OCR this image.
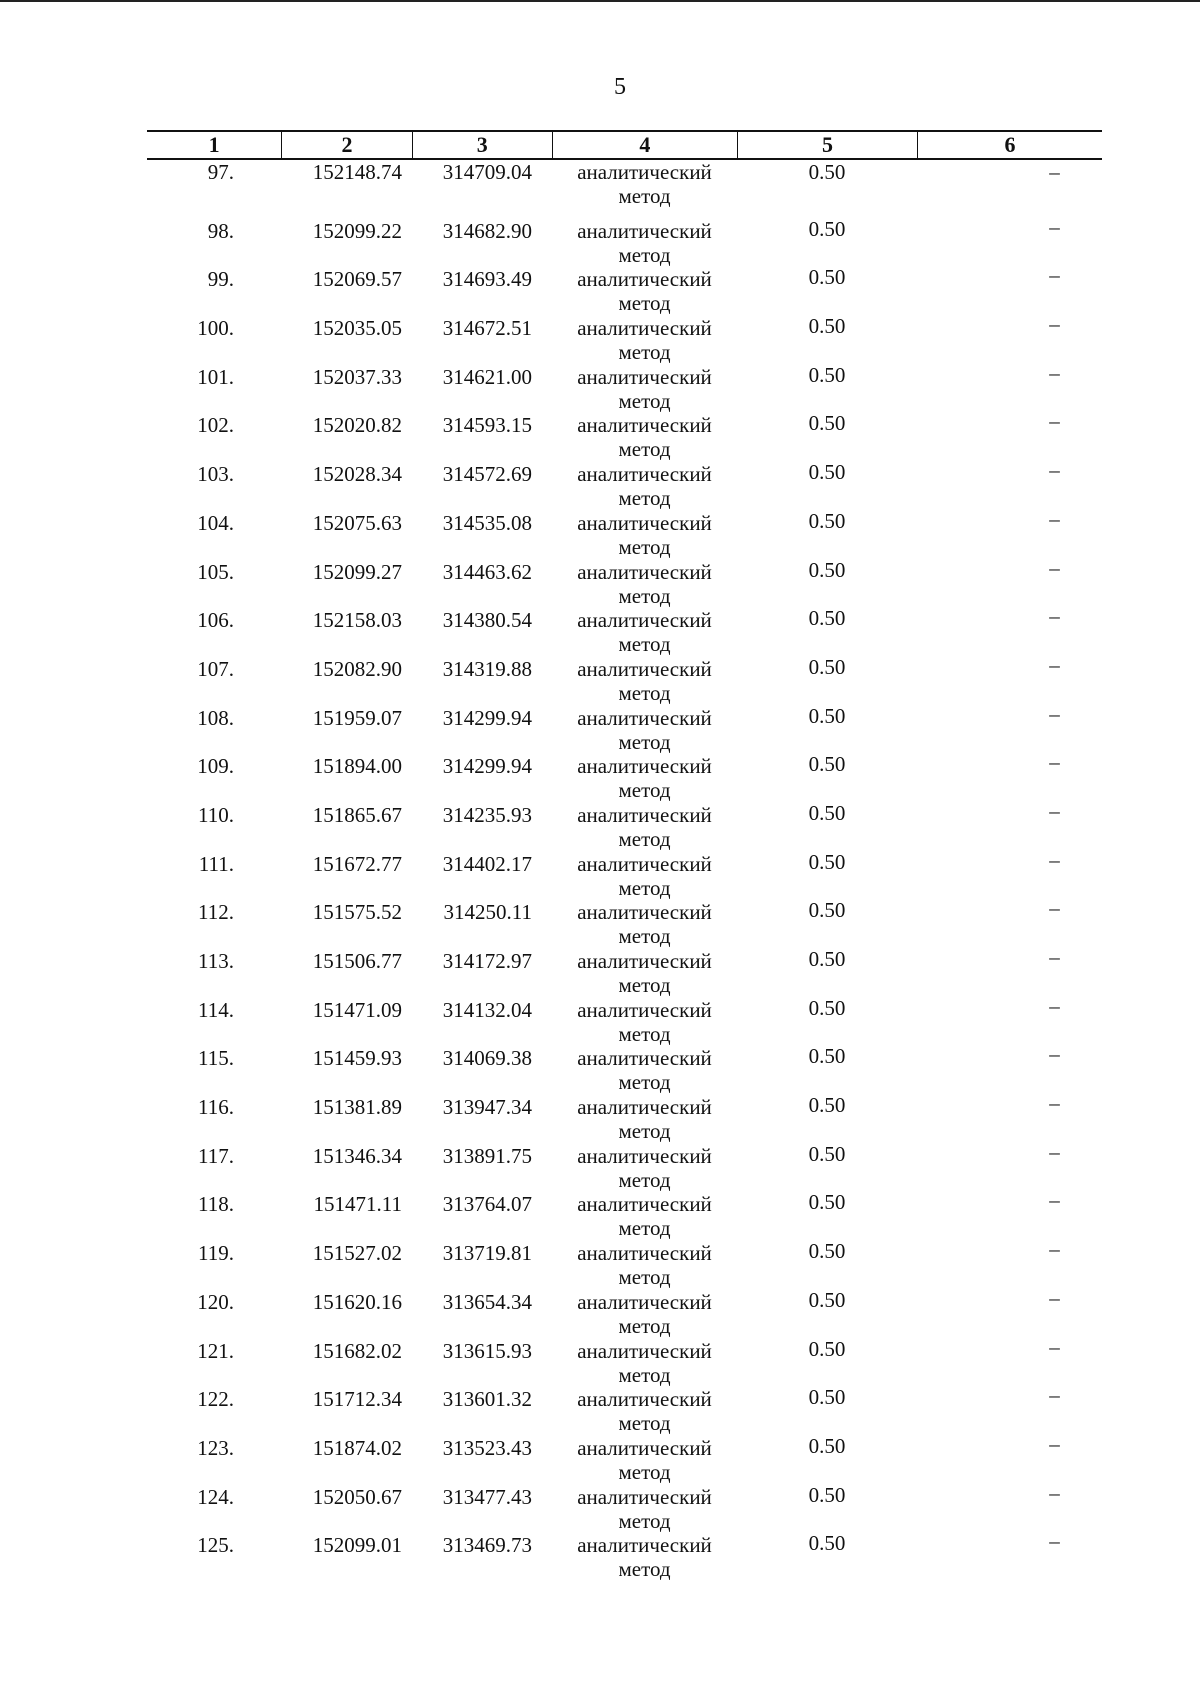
5
1	2	3	4	5	6
97.	152148.74	314709.04	аналитический
метод
0.50	–
98.	152099.22	314682.90	аналитический
метод
0.50	–
99.	152069.57	314693.49	аналитический
метод
0.50	–
100.	152035.05	314672.51	аналитический
метод
0.50	–
101.	152037.33	314621.00	аналитический
метод
0.50	–
102.	152020.82	314593.15	аналитический
метод
0.50	–
103.	152028.34	314572.69	аналитический
метод
0.50	–
104.	152075.63	314535.08	аналитический
метод
0.50	–
105.	152099.27	314463.62	аналитический
метод
0.50	–
106.	152158.03	314380.54	аналитический
метод
0.50	–
107.	152082.90	314319.88	аналитический
метод
0.50	–
108.	151959.07	314299.94	аналитический
метод
0.50	–
109.	151894.00	314299.94	аналитический
метод
0.50	–
110.	151865.67	314235.93	аналитический
метод
0.50	–
111.	151672.77	314402.17	аналитический
метод
0.50	–
112.	151575.52	314250.11	аналитический
метод
0.50	–
113.	151506.77	314172.97	аналитический
метод
0.50	–
114.	151471.09	314132.04	аналитический
метод
0.50	–
115.	151459.93	314069.38	аналитический
метод
0.50	–
116.	151381.89	313947.34	аналитический
метод
0.50	–
117.	151346.34	313891.75	аналитический
метод
0.50	–
118.	151471.11	313764.07	аналитический
метод
0.50	–
119.	151527.02	313719.81	аналитический
метод
0.50	–
120.	151620.16	313654.34	аналитический
метод
0.50	–
121.	151682.02	313615.93	аналитический
метод
0.50	–
122.	151712.34	313601.32	аналитический
метод
0.50	–
123.	151874.02	313523.43	аналитический
метод
0.50	–
124.	152050.67	313477.43	аналитический
метод
0.50	–
125.	152099.01	313469.73	аналитический
метод
0.50	–
